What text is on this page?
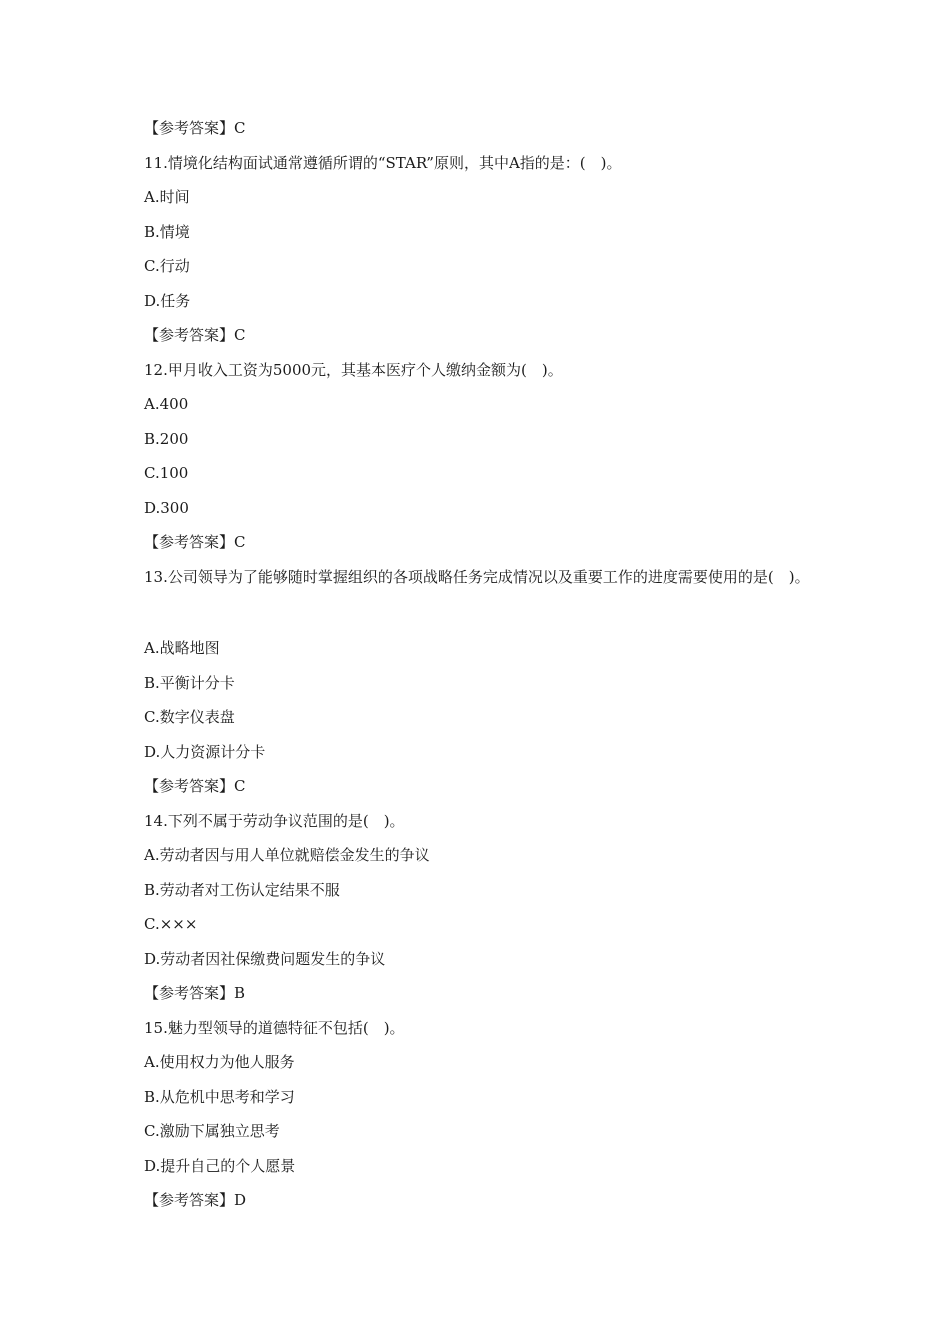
【参考答案】C
11.情境化结构面试通常遵循所谓的“STAR”原则，其中A指的是：(　)。
A.时间
B.情境
C.行动
D.任务
【参考答案】C
12.甲月收入工资为5000元，其基本医疗个人缴纳金额为(　)。
A.400
B.200
C.100
D.300
【参考答案】C
13.公司领导为了能够随时掌握组织的各项战略任务完成情况以及重要工作的进度需要使用的是(　)。
A.战略地图
B.平衡计分卡
C.数字仪表盘
D.人力资源计分卡
【参考答案】C
14.下列不属于劳动争议范围的是(　)。
A.劳动者因与用人单位就赔偿金发生的争议
B.劳动者对工伤认定结果不服
C.×××
D.劳动者因社保缴费问题发生的争议
【参考答案】B
15.魅力型领导的道德特征不包括(　)。
A.使用权力为他人服务
B.从危机中思考和学习
C.激励下属独立思考
D.提升自己的个人愿景
【参考答案】D
